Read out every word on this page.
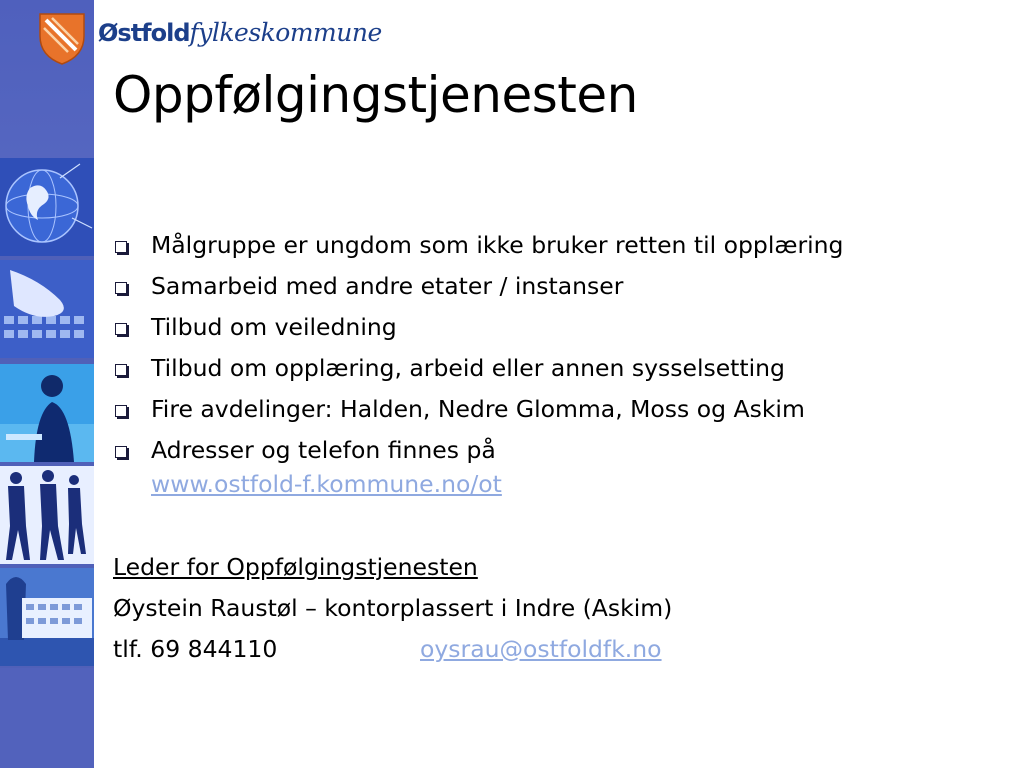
Østfoldfylkeskommune
Oppfølgingstjenesten
Målgruppe er ungdom som ikke bruker retten til opplæring
Samarbeid med andre etater / instanser
Tilbud om veiledning
Tilbud om opplæring, arbeid eller annen sysselsetting
Fire avdelinger: Halden, Nedre Glomma, Moss og Askim
Adresser og telefon finnes på
www.ostfold-f.kommune.no/ot
Leder for Oppfølgingstjenesten
Øystein Raustøl – kontorplassert i Indre (Askim)
tlf. 69 844110	oysrau@ostfoldfk.no
